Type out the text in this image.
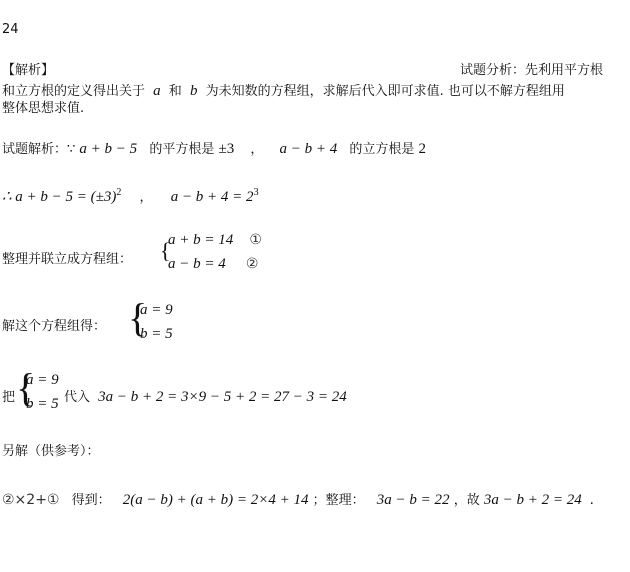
24
【解析】	试题分析：先利用平方根
和立方根的定义得出关于 a 和 b 为未知数的方程组，求解后代入即可求值. 也可以不解方程组用
整体思想求值.
试题解析：∵ a + b − 5 的平方根是 ±3 ， a − b + 4 的立方根是 2
∴ $a + b - 5 = (\pm 3)^2$ ， $a - b + 4 = 2^3$
整理并联立成方程组： {
a + b = 14 ①
a − b = 4 ②
解这个方程组得： {
a = 9
b = 5
把 {
a = 9
b = 5 代入 3a − b + 2 = 3×9 − 5 + 2 = 27 − 3 = 24
另解（供参考）：
②×2+① 得到： 2(a − b) + (a + b) = 2×4 + 14 ；整理： 3a − b = 22 ，故 3a − b + 2 = 24 .
